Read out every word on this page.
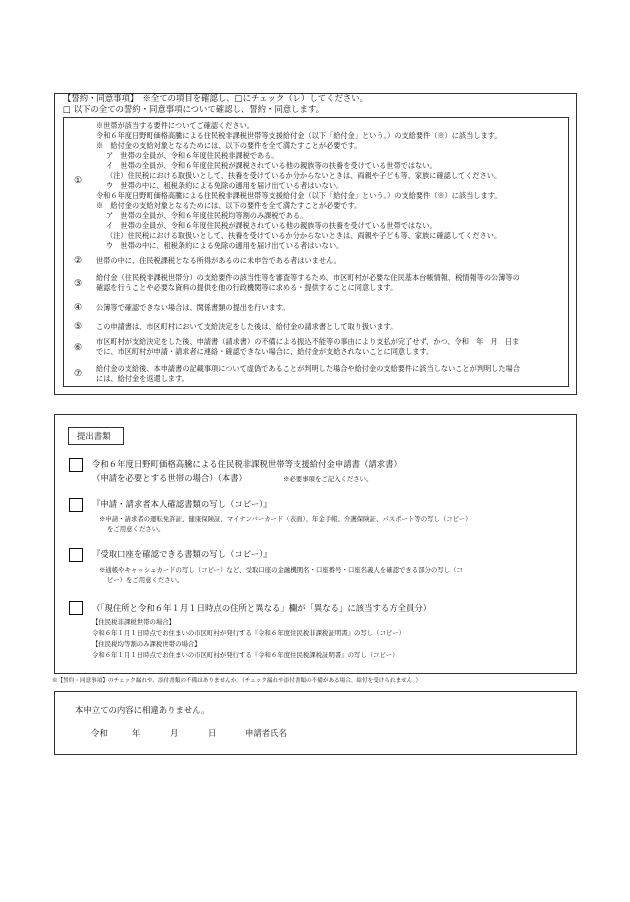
【誓約・同意事項】　※全ての項目を確認し、□にチェック（レ）してください。
□ 以下の全ての誓約・同意事項について確認し、誓約・同意します。
①
※世帯が該当する要件についてご確認ください。
令和６年度日野町価格高騰による住民税非課税世帯等支援給付金（以下「給付金」という。）の支給要件（※）に該当します。
※　給付金の支給対象となるためには、以下の要件を全て満たすことが必要です。
ア　世帯の全員が、令和６年度住民税非課税である。
イ　世帯の全員が、令和６年度住民税が課税されている他の親族等の扶養を受けている世帯ではない。
（注）住民税における取扱いとして、扶養を受けているか分からないときは、両親や子ども等、家族に確認してください。
ウ　世帯の中に、租税条約による免除の適用を届け出ている者はいない。
令和６年度日野町価格高騰による住民税非課税世帯等支援給付金（以下「給付金」という。）の支給要件（※）に該当します。
※　給付金の支給対象となるためには、以下の要件を全て満たすことが必要です。
ア　世帯の全員が、令和６年度住民税均等割のみ課税である。
イ　世帯の全員が、令和６年度住民税が課税されている他の親族等の扶養を受けている世帯ではない。
（注）住民税における取扱いとして、扶養を受けているか分からないときは、両親や子ども等、家族に確認してください。
ウ　世帯の中に、租税条約による免除の適用を届け出ている者はいない。
② 世帯の中に、住民税課税となる所得があるのに未申告である者はいません。
③
給付金（住民税非課税世帯分）の支給要件の該当性等を審査等するため、市区町村が必要な住民基本台帳情報、税情報等の公簿等の
確認を行うことや必要な資料の提供を他の行政機関等に求める・提供することに同意します。
④ 公簿等で確認できない場合は、関係書類の提出を行います。
⑤ この申請書は、市区町村において支給決定をした後は、給付金の請求書として取り扱います。
⑥
市区町村が支給決定をした後、申請書（請求書）の不備による振込不能等の事由により支払が完了せず、かつ、令和　年　月　日ま
でに、市区町村が申請・請求者に連絡・確認できない場合に、給付金が支給されないことに同意します。
⑦
給付金の支給後、本申請書の記載事項について虚偽であることが判明した場合や給付金の支給要件に該当しないことが判明した場合
には、給付金を返還します。
提出書類
令和６年度日野町価格高騰による住民税非課税世帯等支援給付金申請書（請求書）
（申請を必要とする世帯の場合）（本書）	※必要事項をご記入ください。
『申請・請求者本人確認書類の写し（コピー）』
※申請・請求者の運転免許証、健康保険証、マイナンバーカード（表面）、年金手帳、介護保険証、パスポート等の写し（コピー）
をご用意ください。
『受取口座を確認できる書類の写し（コピー）』
※通帳やキャッシュカードの写し（コピー）など、受取口座の金融機関名・口座番号・口座名義人を確認できる部分の写し（コ
ピー）をご用意ください。
（「現住所と令和６年１月１日時点の住所と異なる」欄が「異なる」に該当する方全員分）
【住民税非課税世帯の場合】
令和６年１月１日時点でお住まいの市区町村が発行する『令和６年度住民税非課税証明書』の写し（コピー）
【住民税均等割のみ課税世帯の場合】
令和６年１月１日時点でお住まいの市区町村が発行する『令和６年度住民税課税証明書』の写し（コピー）
※【誓約・同意事項】のチェック漏れや、添付書類の不備はありませんか。（チェック漏れや添付書類の不備がある場合、給付を受けられません。）
本申立ての内容に相違ありません。
令和	年	月	日	申請者氏名
